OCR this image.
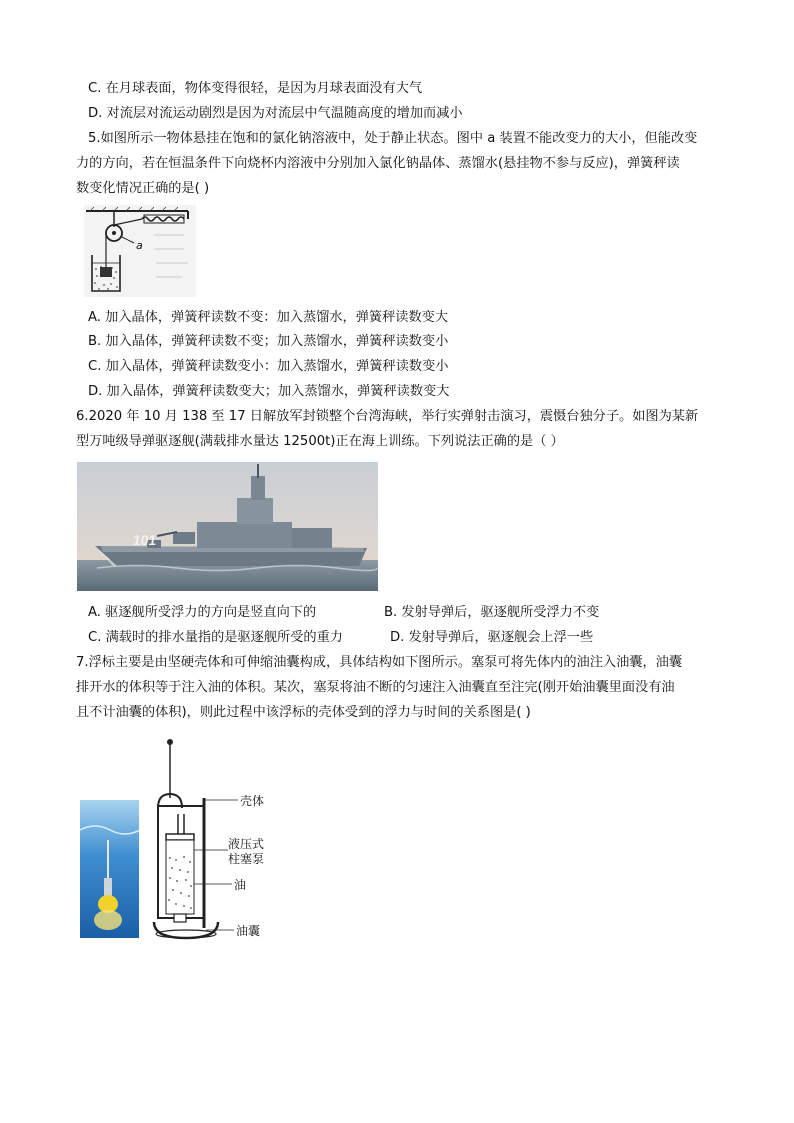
C. 在月球表面，物体变得很轻，是因为月球表面没有大气
D. 对流层对流运动剧烈是因为对流层中气温随高度的增加而减小
5.如图所示一物体悬挂在饱和的氯化钠溶液中，处于静止状态。图中 a 装置不能改变力的大小，但能改变
力的方向，若在恒温条件下向烧杯内溶液中分别加入氯化钠晶体、蒸馏水(悬挂物不参与反应)，弹簧秤读
数变化情况正确的是( )
a
A. 加入晶体，弹簧秤读数不变：加入蒸馏水，弹簧秤读数变大
B. 加入晶体，弹簧秤读数不变；加入蒸馏水，弹簧秤读数变小
C. 加入晶体，弹簧秤读数变小：加入蒸馏水，弹簧秤读数变小
D. 加入晶体，弹簧秤读数变大；加入蒸馏水，弹簧秤读数变大
6.2020 年 10 月 138 至 17 日解放军封锁整个台湾海峡，举行实弹射击演习，震慑台独分子。如图为某新
型万吨级导弹驱逐舰(满载排水量达 12500t)正在海上训练。下列说法正确的是（ ）
101
A. 驱逐舰所受浮力的方向是竖直向下的	B. 发射导弹后，驱逐舰所受浮力不变
C. 满载时的排水量指的是驱逐舰所受的重力	D. 发射导弹后，驱逐舰会上浮一些
7.浮标主要是由坚硬壳体和可伸缩油囊构成，具体结构如下图所示。塞泵可将先体内的油注入油囊，油囊
排开水的体积等于注入油的体积。某次，塞泵将油不断的匀速注入油囊直至注完(刚开始油囊里面没有油
且不计油囊的体积)，则此过程中该浮标的壳体受到的浮力与时间的关系图是( )
壳体
液压式
柱塞泵
油
油囊
